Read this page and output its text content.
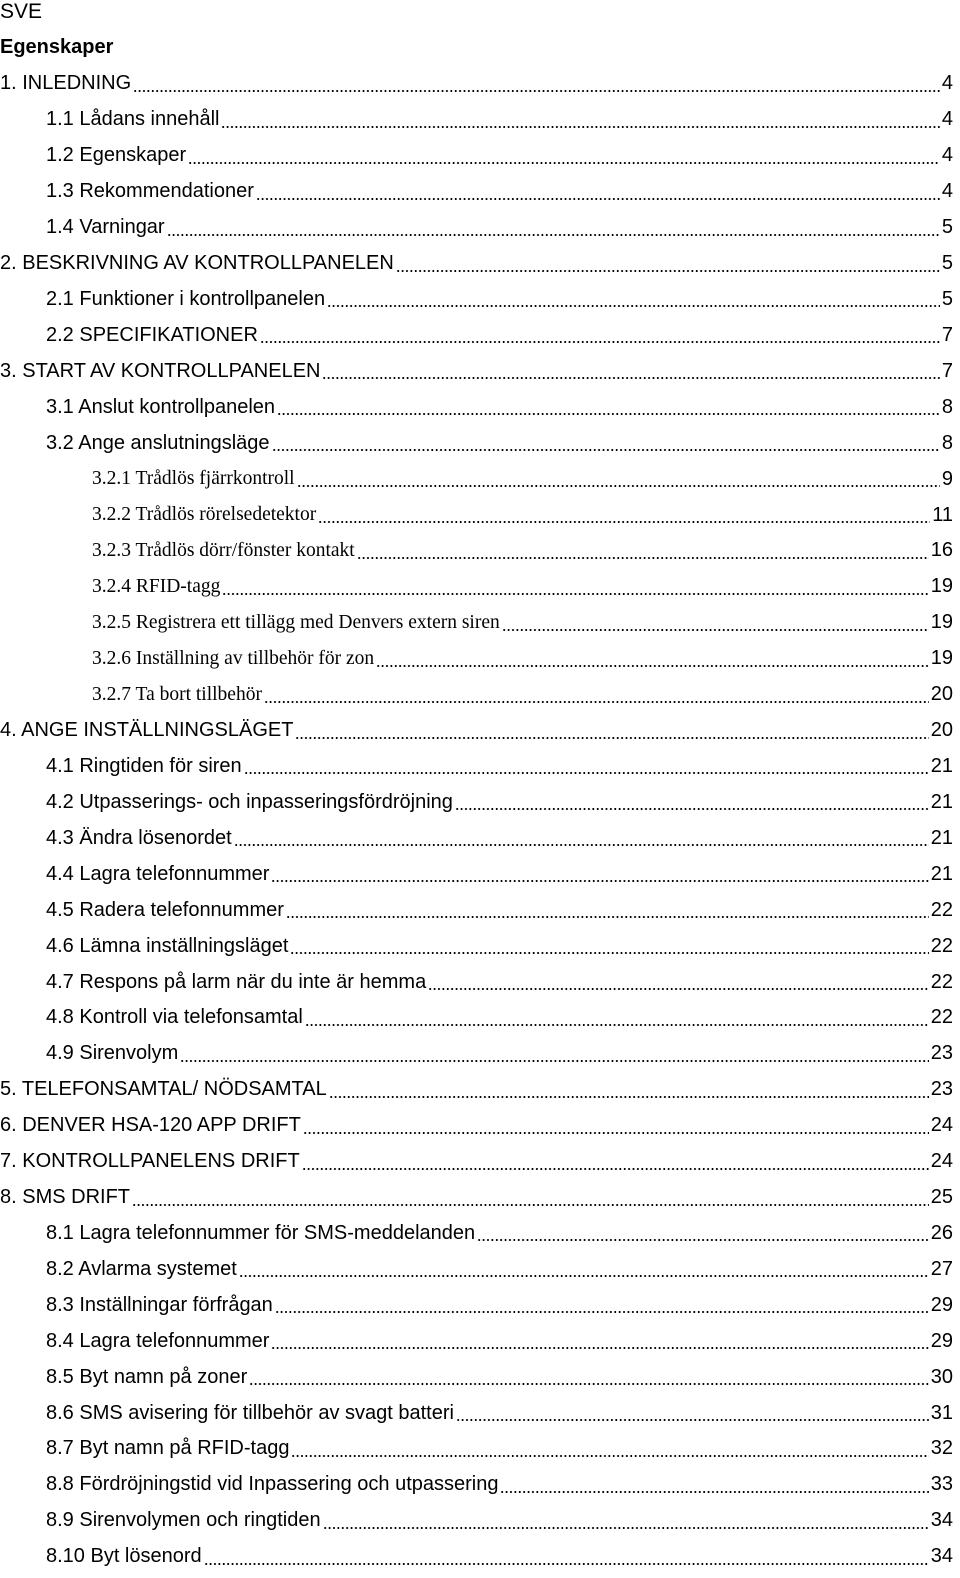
SVE
Egenskaper
1. INLEDNING	4
1.1 Lådans innehåll	4
1.2 Egenskaper	4
1.3 Rekommendationer	4
1.4 Varningar	5
2. BESKRIVNING AV KONTROLLPANELEN	5
2.1 Funktioner i kontrollpanelen	5
2.2 SPECIFIKATIONER	7
3. START AV KONTROLLPANELEN	7
3.1 Anslut kontrollpanelen	8
3.2 Ange anslutningsläge	8
3.2.1 Trådlös fjärrkontroll	9
3.2.2 Trådlös rörelsedetektor	11
3.2.3 Trådlös dörr/fönster kontakt	16
3.2.4 RFID-tagg	19
3.2.5 Registrera ett tillägg med Denvers extern siren	19
3.2.6 Inställning av tillbehör för zon	19
3.2.7 Ta bort tillbehör	20
4. ANGE INSTÄLLNINGSLÄGET	20
4.1 Ringtiden för siren	21
4.2 Utpasserings- och inpasseringsfördröjning	21
4.3 Ändra lösenordet	21
4.4 Lagra telefonnummer	21
4.5 Radera telefonnummer	22
4.6 Lämna inställningsläget	22
4.7 Respons på larm när du inte är hemma	22
4.8 Kontroll via telefonsamtal	22
4.9 Sirenvolym	23
5. TELEFONSAMTAL/ NÖDSAMTAL	23
6. DENVER HSA-120 APP DRIFT	24
7. KONTROLLPANELENS DRIFT	24
8. SMS DRIFT	25
8.1 Lagra telefonnummer för SMS-meddelanden	26
8.2 Avlarma systemet	27
8.3 Inställningar förfrågan	29
8.4 Lagra telefonnummer	29
8.5 Byt namn på zoner	30
8.6 SMS avisering för tillbehör av svagt batteri	31
8.7 Byt namn på RFID-tagg	32
8.8 Fördröjningstid vid Inpassering och utpassering	33
8.9 Sirenvolymen och ringtiden	34
8.10 Byt lösenord	34
